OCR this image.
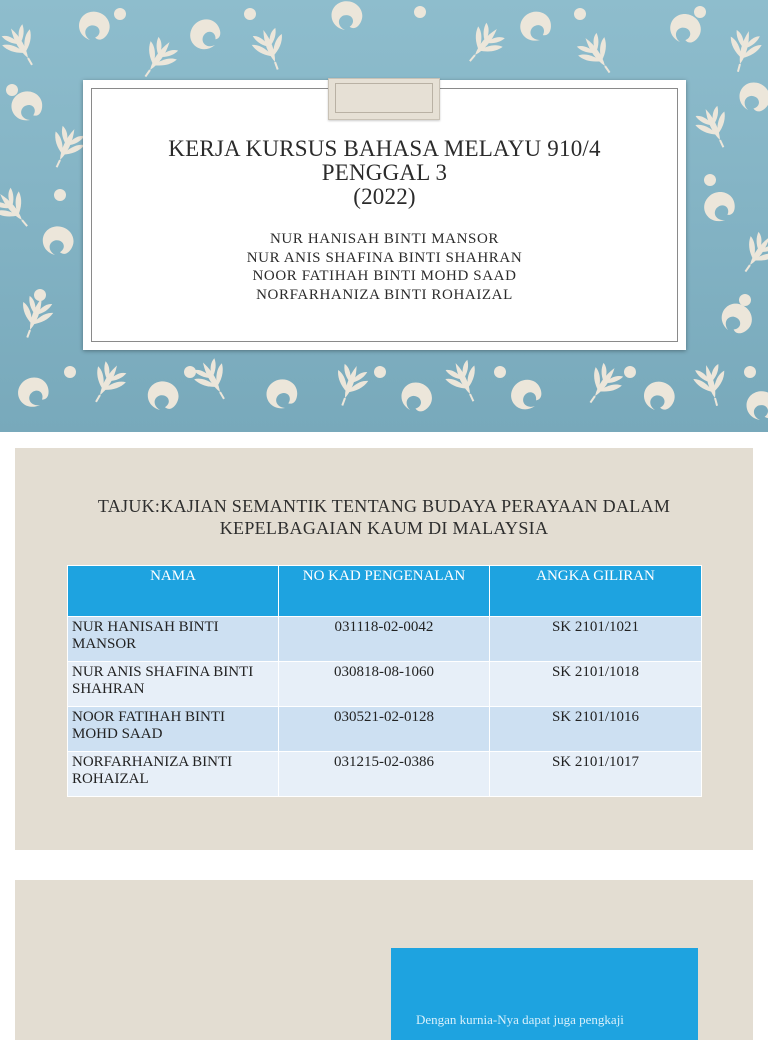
KERJA KURSUS BAHASA MELAYU 910/4
PENGGAL 3
(2022)
NUR HANISAH BINTI MANSOR
NUR ANIS SHAFINA BINTI SHAHRAN
NOOR FATIHAH BINTI MOHD SAAD
NORFARHANIZA BINTI ROHAIZAL
TAJUK:KAJIAN SEMANTIK TENTANG BUDAYA PERAYAAN DALAM
KEPELBAGAIAN KAUM DI MALAYSIA
NAMA	NO KAD PENGENALAN	ANGKA GILIRAN
NUR HANISAH BINTI MANSOR	031118-02-0042	SK 2101/1021
NUR ANIS SHAFINA BINTI SHAHRAN	030818-08-1060	SK 2101/1018
NOOR FATIHAH BINTI MOHD SAAD	030521-02-0128	SK 2101/1016
NORFARHANIZA BINTI ROHAIZAL	031215-02-0386	SK 2101/1017
Dengan kurnia-Nya dapat juga pengkaji
